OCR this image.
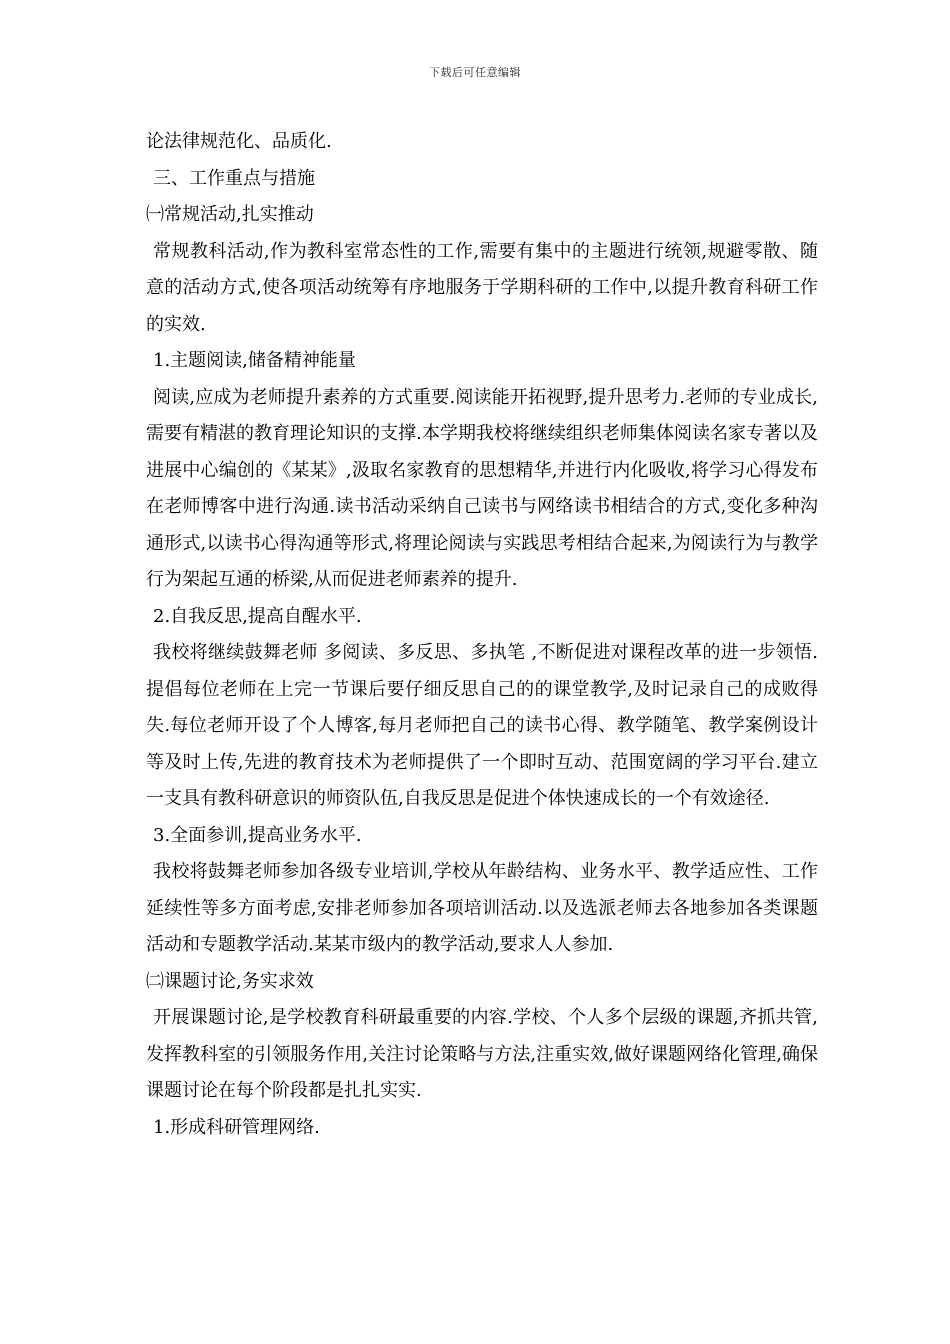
下载后可任意编辑

论法律规范化、品质化.

三、工作重点与措施

㈠常规活动,扎实推动

常规教科活动,作为教科室常态性的工作,需要有集中的主题进行统领,规避零散、随意的活动方式,使各项活动统筹有序地服务于学期科研的工作中,以提升教育科研工作的实效.

1.主题阅读,储备精神能量

阅读,应成为老师提升素养的方式重要.阅读能开拓视野,提升思考力.老师的专业成长,需要有精湛的教育理论知识的支撑.本学期我校将继续组织老师集体阅读名家专著以及进展中心编创的《某某》,汲取名家教育的思想精华,并进行内化吸收,将学习心得发布在老师博客中进行沟通.读书活动采纳自己读书与网络读书相结合的方式,变化多种沟通形式,以读书心得沟通等形式,将理论阅读与实践思考相结合起来,为阅读行为与教学行为架起互通的桥梁,从而促进老师素养的提升.

2.自我反思,提高自醒水平.

我校将继续鼓舞老师 多阅读、多反思、多执笔 ,不断促进对课程改革的进一步领悟.提倡每位老师在上完一节课后要仔细反思自己的的课堂教学,及时记录自己的成败得失.每位老师开设了个人博客,每月老师把自己的读书心得、教学随笔、教学案例设计等及时上传,先进的教育技术为老师提供了一个即时互动、范围宽阔的学习平台.建立一支具有教科研意识的师资队伍,自我反思是促进个体快速成长的一个有效途径.

3.全面参训,提高业务水平.

我校将鼓舞老师参加各级专业培训,学校从年龄结构、业务水平、教学适应性、工作延续性等多方面考虑,安排老师参加各项培训活动.以及选派老师去各地参加各类课题活动和专题教学活动.某某市级内的教学活动,要求人人参加.

㈡课题讨论,务实求效

开展课题讨论,是学校教育科研最重要的内容.学校、个人多个层级的课题,齐抓共管,发挥教科室的引领服务作用,关注讨论策略与方法,注重实效,做好课题网络化管理,确保课题讨论在每个阶段都是扎扎实实.

1.形成科研管理网络.
